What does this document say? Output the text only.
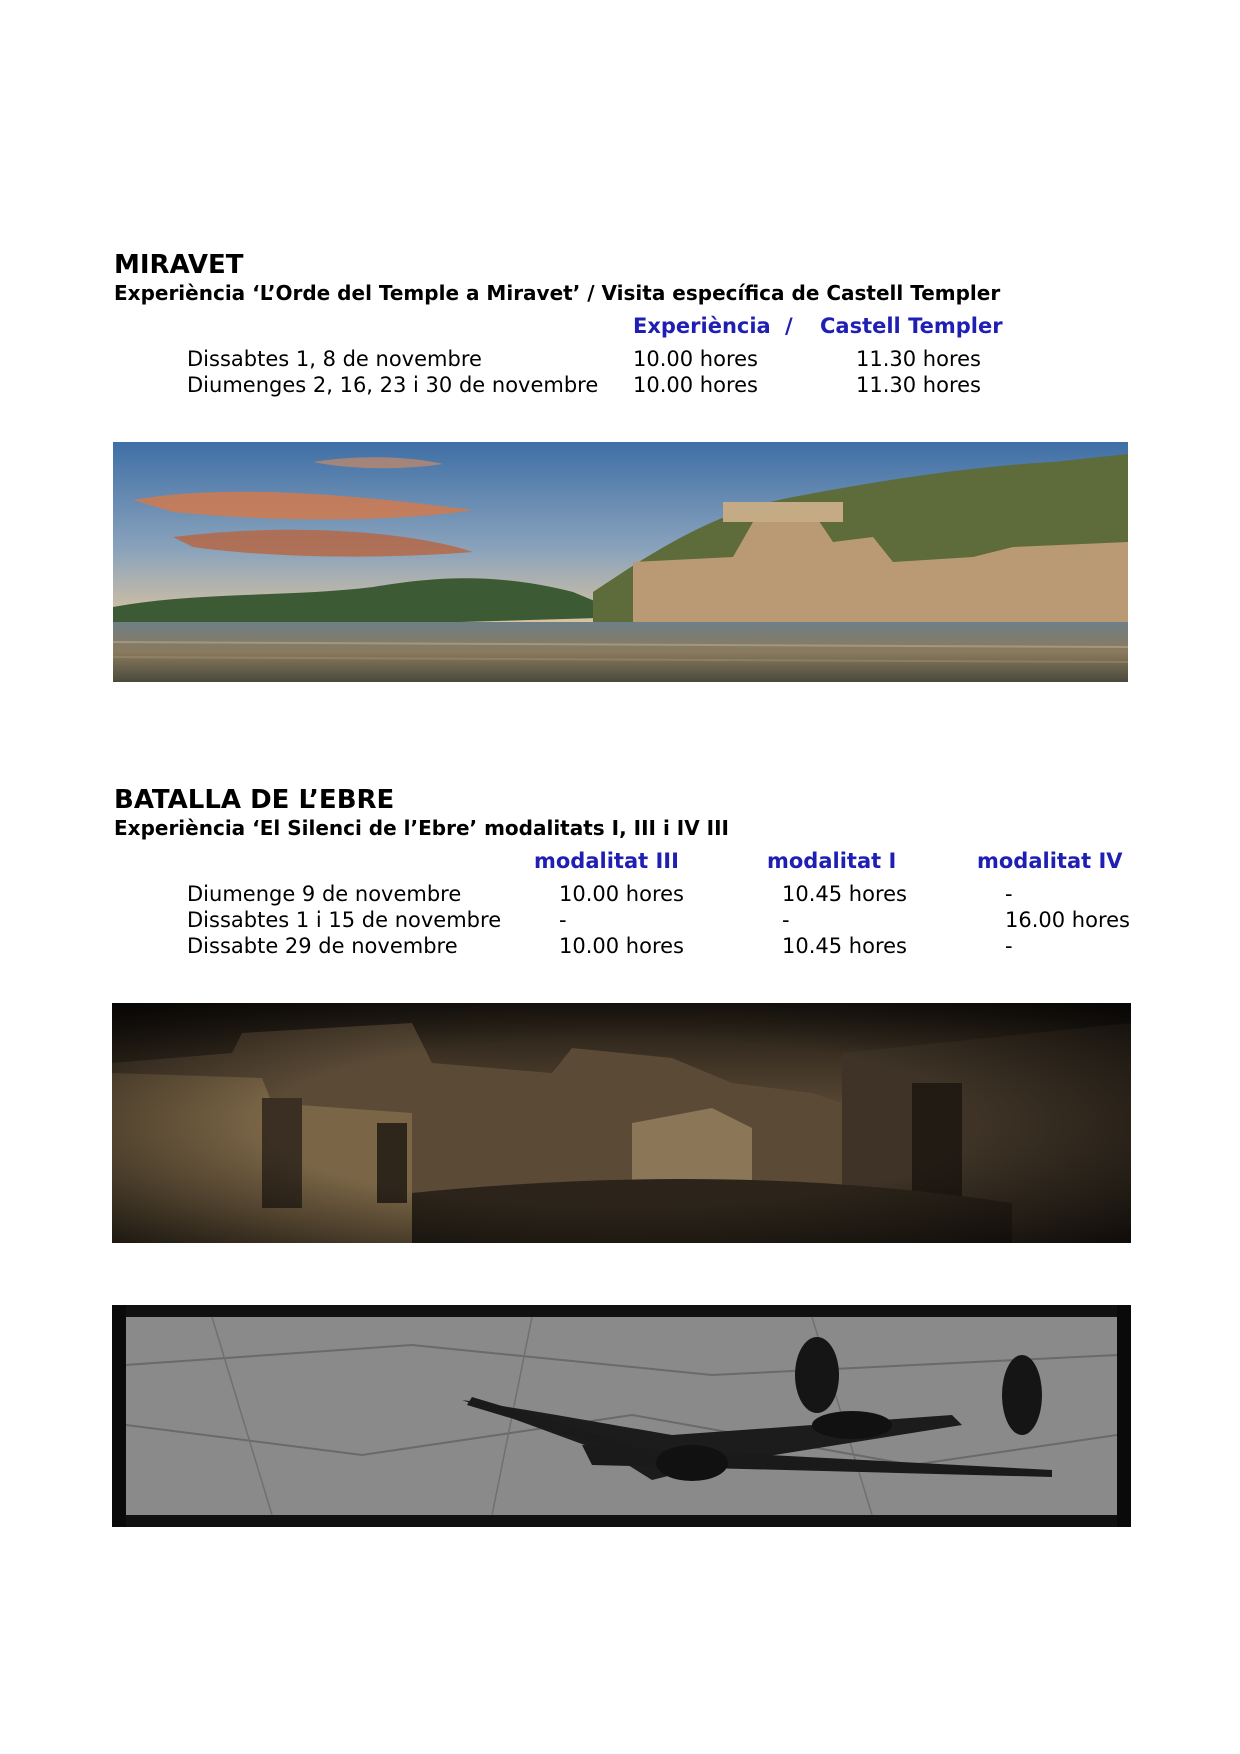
MIRAVET
Experiència ‘L’Orde del Temple a Miravet’ / Visita específica de Castell Templer
Experiència / Castell Templer
Dissabtes 1, 8 de novembre	10.00 hores	11.30 hores
Diumenges 2, 16, 23 i 30 de novembre 10.00 hores	11.30 hores
BATALLA DE L’EBRE
Experiència ‘El Silenci de l’Ebre’ modalitats I, III i IV III
modalitat III	modalitat I	modalitat IV
Diumenge 9 de novembre	10.00 hores	10.45 hores	-
Dissabtes 1 i 15 de novembre	-	-	16.00 hores
Dissabte 29 de novembre	10.00 hores	10.45 hores	-
